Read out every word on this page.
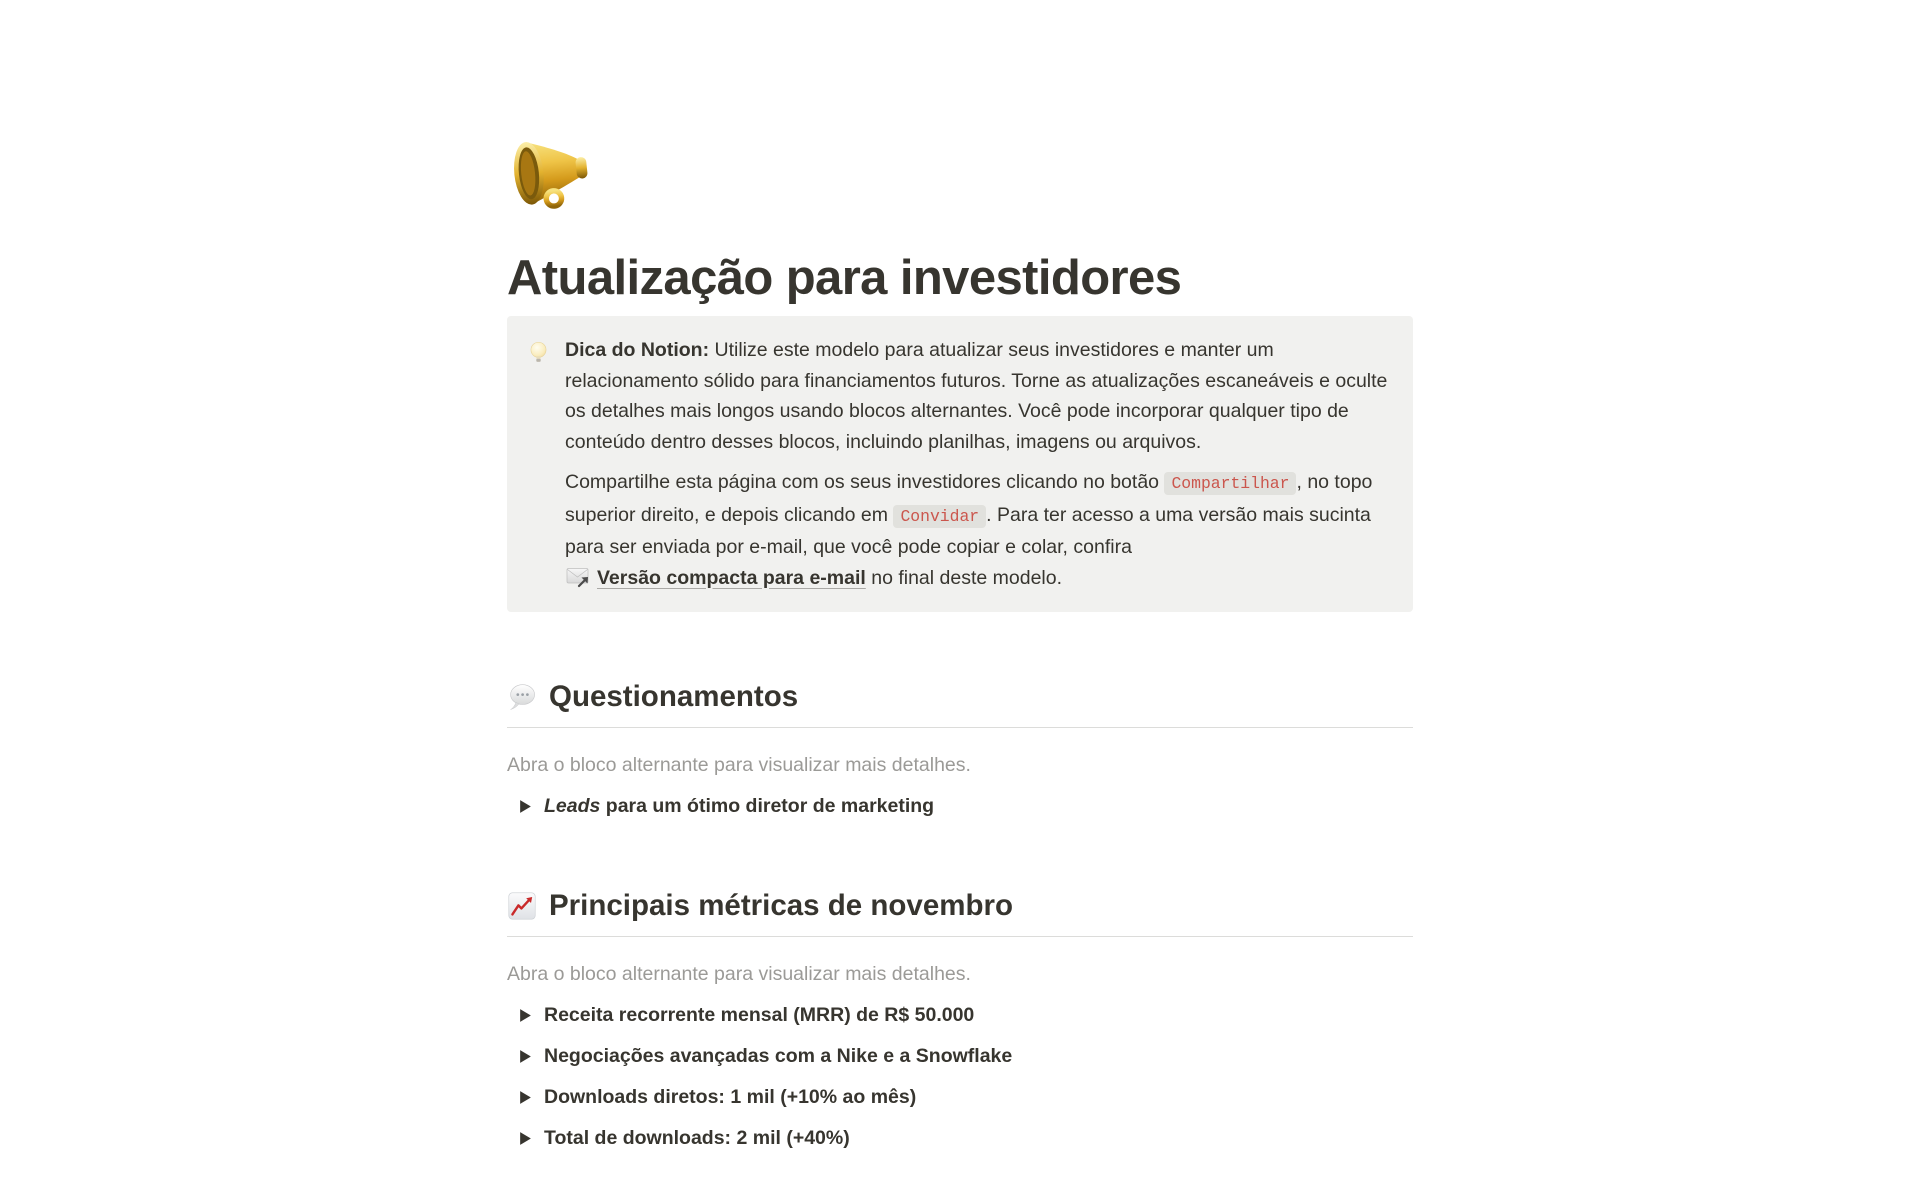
Atualização para investidores

Dica do Notion: Utilize este modelo para atualizar seus investidores e manter um relacionamento sólido para financiamentos futuros. Torne as atualizações escaneáveis e oculte os detalhes mais longos usando blocos alternantes. Você pode incorporar qualquer tipo de conteúdo dentro desses blocos, incluindo planilhas, imagens ou arquivos.

Compartilhe esta página com os seus investidores clicando no botão Compartilhar , no topo superior direito, e depois clicando em Convidar . Para ter acesso a uma versão mais sucinta para ser enviada por e-mail, que você pode copiar e colar, confira
Versão compacta para e-mail no final deste modelo.

Questionamentos

Abra o bloco alternante para visualizar mais detalhes.

Leads para um ótimo diretor de marketing
Principais métricas de novembro

Abra o bloco alternante para visualizar mais detalhes.

Receita recorrente mensal (MRR) de R$ 50.000
Negociações avançadas com a Nike e a Snowflake
Downloads diretos: 1 mil (+10% ao mês)
Total de downloads: 2 mil (+40%)
